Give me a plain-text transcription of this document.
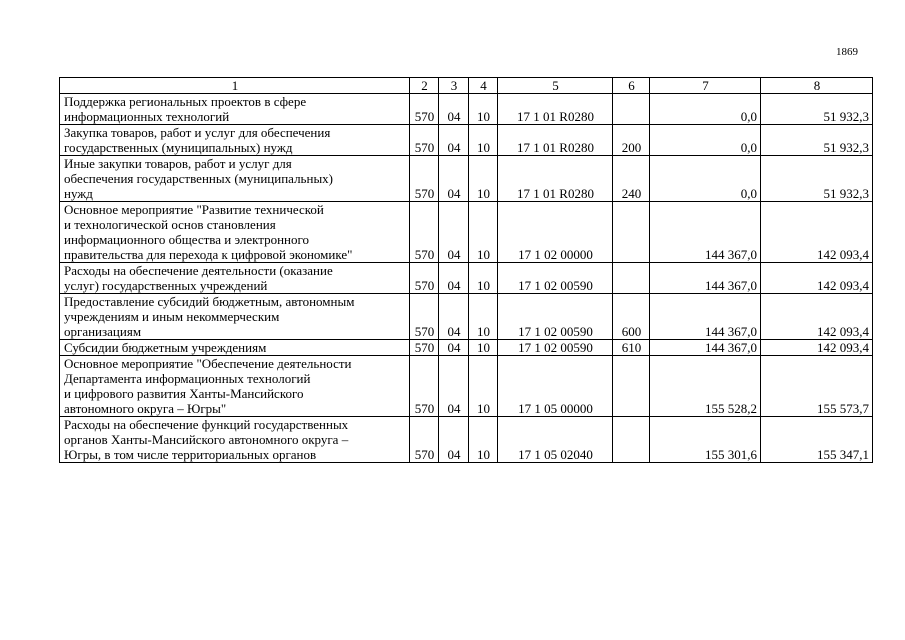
1869
1	2	3	4	5	6	7	8

Поддержка региональных проектов в сфере
информационных технологий	570	04	10	17 1 01 R0280		0,0	51 932,3

Закупка товаров, работ и услуг для обеспечения
государственных (муниципальных) нужд	570	04	10	17 1 01 R0280	200	0,0	51 932,3

Иные закупки товаров, работ и услуг для
обеспечения государственных (муниципальных)
нужд	570	04	10	17 1 01 R0280	240	0,0	51 932,3

Основное мероприятие "Развитие технической
и технологической основ становления
информационного общества и электронного
правительства для перехода к цифровой экономике"	570	04	10	17 1 02 00000		144 367,0	142 093,4

Расходы на обеспечение деятельности (оказание
услуг) государственных учреждений	570	04	10	17 1 02 00590		144 367,0	142 093,4

Предоставление субсидий бюджетным, автономным
учреждениям и иным некоммерческим
организациям	570	04	10	17 1 02 00590	600	144 367,0	142 093,4

Субсидии бюджетным учреждениям	570	04	10	17 1 02 00590	610	144 367,0	142 093,4

Основное мероприятие "Обеспечение деятельности
Департамента информационных технологий
и цифрового развития Ханты-Мансийского
автономного округа – Югры"	570	04	10	17 1 05 00000		155 528,2	155 573,7

Расходы на обеспечение функций государственных
органов Ханты-Мансийского автономного округа –
Югры, в том числе территориальных органов	570	04	10	17 1 05 02040		155 301,6	155 347,1
